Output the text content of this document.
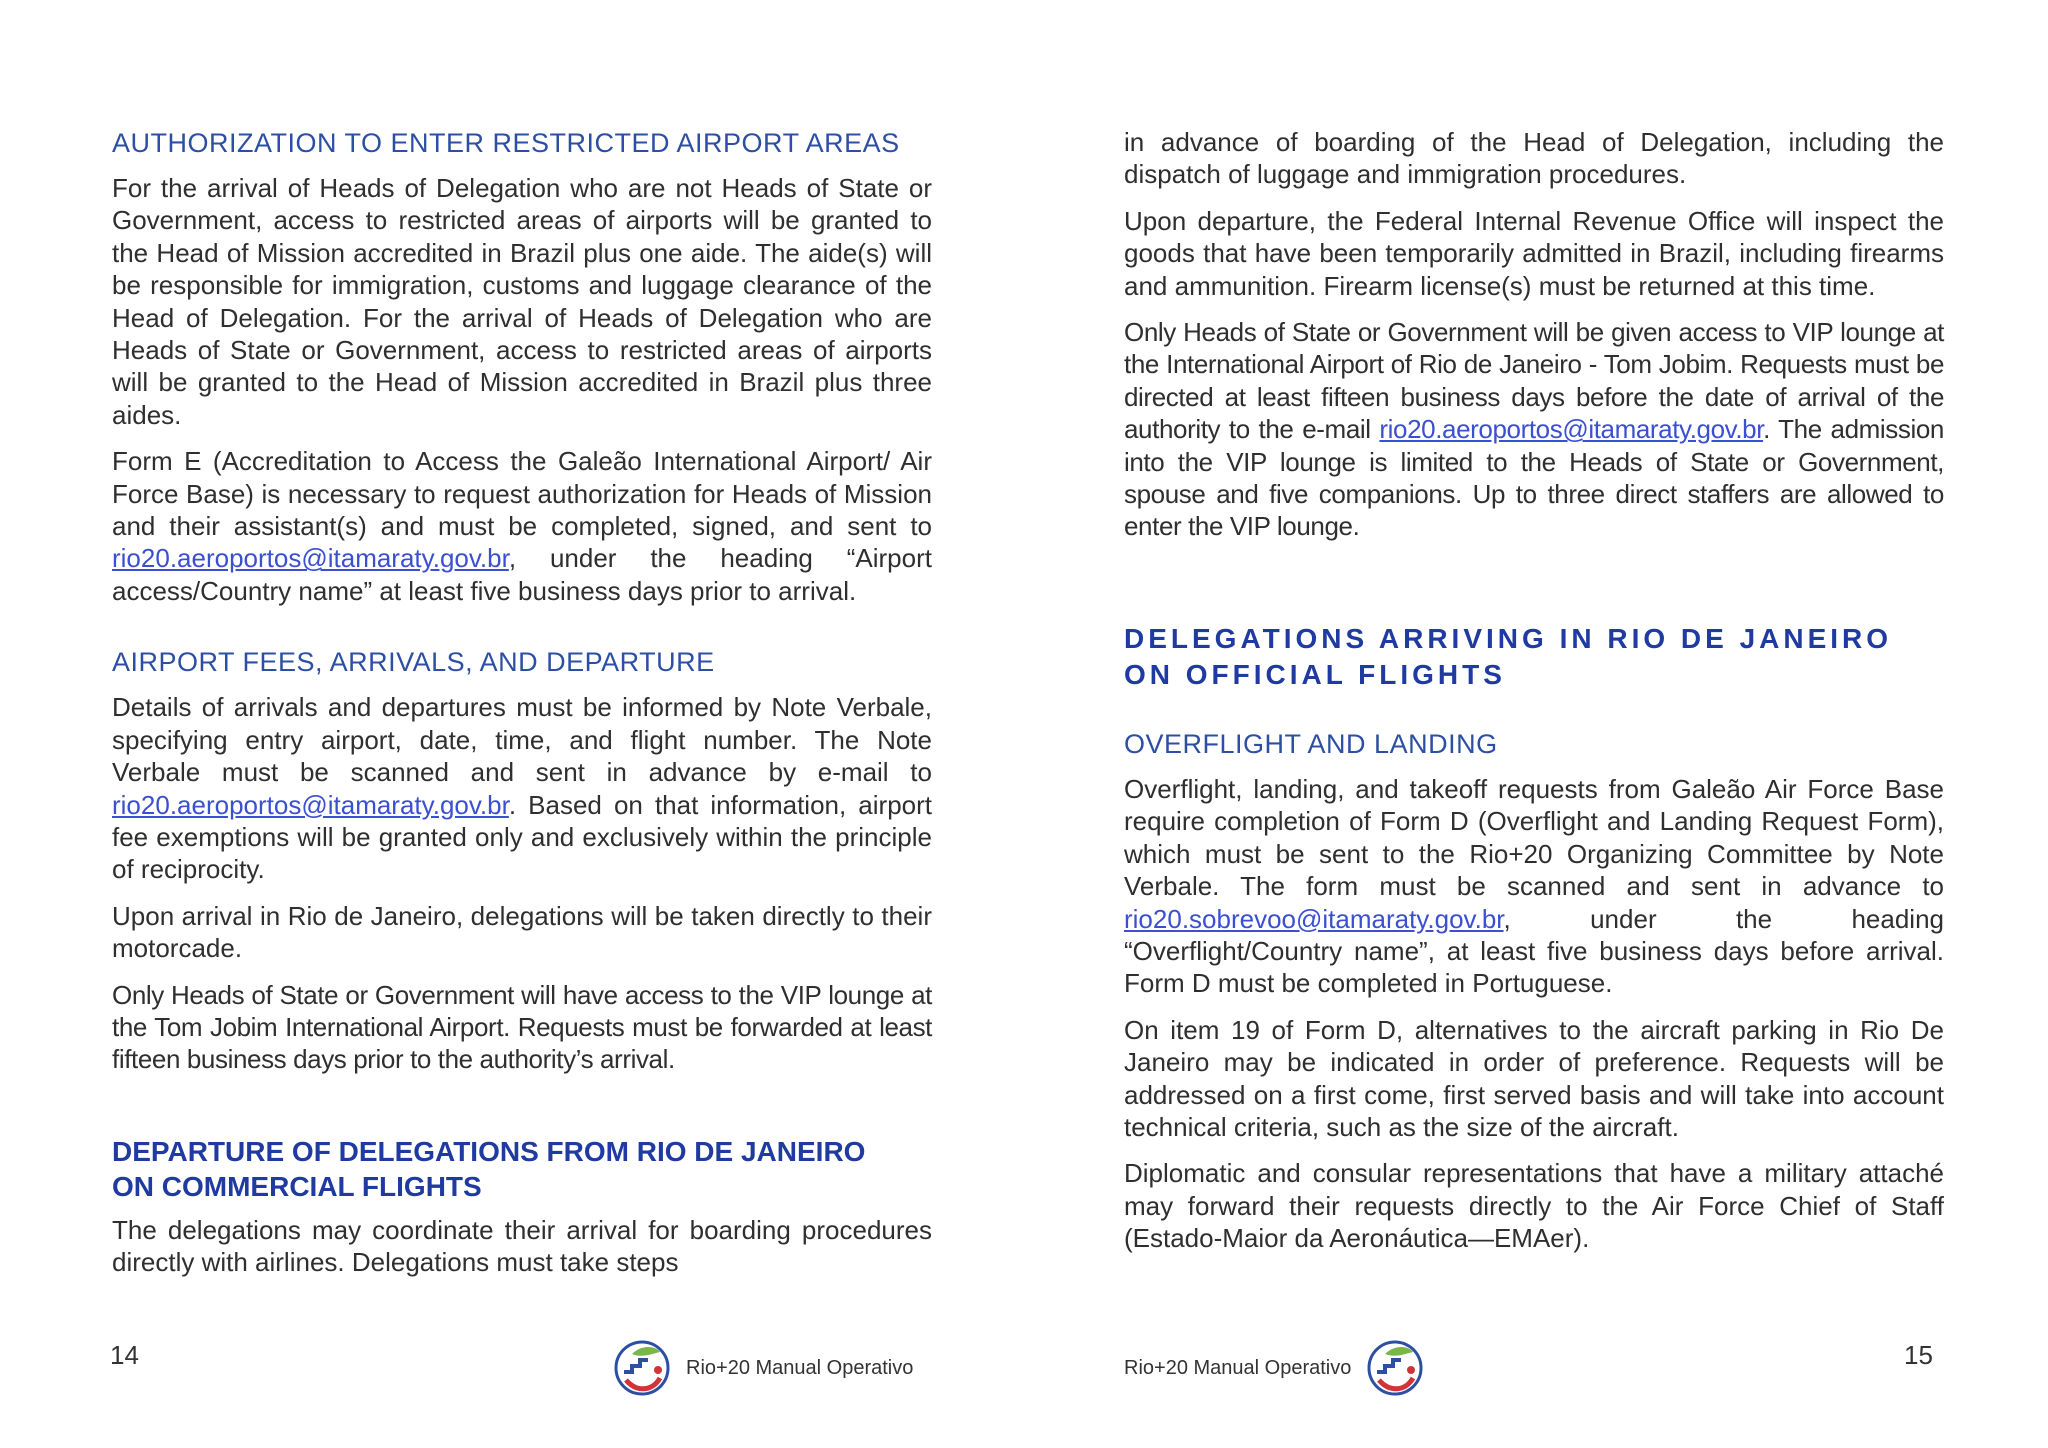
AUTHORIZATION TO ENTER RESTRICTED AIRPORT AREAS

For the arrival of Heads of Delegation who are not Heads of State or Government, access to restricted areas of airports will be granted to the Head of Mission accredited in Brazil plus one aide. The aide(s) will be responsible for immigration, customs and luggage clearance of the Head of Delegation. For the arrival of Heads of Delegation who are Heads of State or Government, access to restricted areas of airports will be granted to the Head of Mission accredited in Brazil plus three aides.

Form E (Accreditation to Access the Galeão International Airport/ Air Force Base) is necessary to request authorization for Heads of Mission and their assistant(s) and must be completed, signed, and sent to rio20.aeroportos@itamaraty.gov.br, under the heading “Airport access/Country name” at least five business days prior to arrival.

AIRPORT FEES, ARRIVALS, AND DEPARTURE

Details of arrivals and departures must be informed by Note Verbale, specifying entry airport, date, time, and flight number. The Note Verbale must be scanned and sent in advance by e-mail to rio20.aeroportos@itamaraty.gov.br. Based on that information, airport fee exemptions will be granted only and exclusively within the principle of reciprocity.

Upon arrival in Rio de Janeiro, delegations will be taken directly to their motorcade.

Only Heads of State or Government will have access to the VIP lounge at the Tom Jobim International Airport. Requests must be forwarded at least fifteen business days prior to the authority’s arrival.

DEPARTURE OF DELEGATIONS FROM RIO DE JANEIRO
ON COMMERCIAL FLIGHTS

The delegations may coordinate their arrival for boarding procedures directly with airlines. Delegations must take steps

14	Rio+20 Manual Operativo

in advance of boarding of the Head of Delegation, including the dispatch of luggage and immigration procedures.

Upon departure, the Federal Internal Revenue Office will inspect the goods that have been temporarily admitted in Brazil, including firearms and ammunition. Firearm license(s) must be returned at this time.

Only Heads of State or Government will be given access to VIP lounge at the International Airport of Rio de Janeiro - Tom Jobim. Requests must be directed at least fifteen business days before the date of arrival of the authority to the e-mail rio20.aeroportos@itamaraty.gov.br. The admission into the VIP lounge is limited to the Heads of State or Government, spouse and five companions. Up to three direct staffers are allowed to enter the VIP lounge.

DELEGATIONS ARRIVING IN RIO DE JANEIRO
ON OFFICIAL FLIGHTS
OVERFLIGHT AND LANDING

Overflight, landing, and takeoff requests from Galeão Air Force Base require completion of Form D (Overflight and Landing Request Form), which must be sent to the Rio+20 Organizing Committee by Note Verbale. The form must be scanned and sent in advance to rio20.sobrevoo@itamaraty.gov.br, under the heading “Overflight/Country name”, at least five business days before arrival. Form D must be completed in Portuguese.

On item 19 of Form D, alternatives to the aircraft parking in Rio De Janeiro may be indicated in order of preference. Requests will be addressed on a first come, first served basis and will take into account technical criteria, such as the size of the aircraft.

Diplomatic and consular representations that have a military attaché may forward their requests directly to the Air Force Chief of Staff (Estado-Maior da Aeronáutica—EMAer).

Rio+20 Manual Operativo	15
